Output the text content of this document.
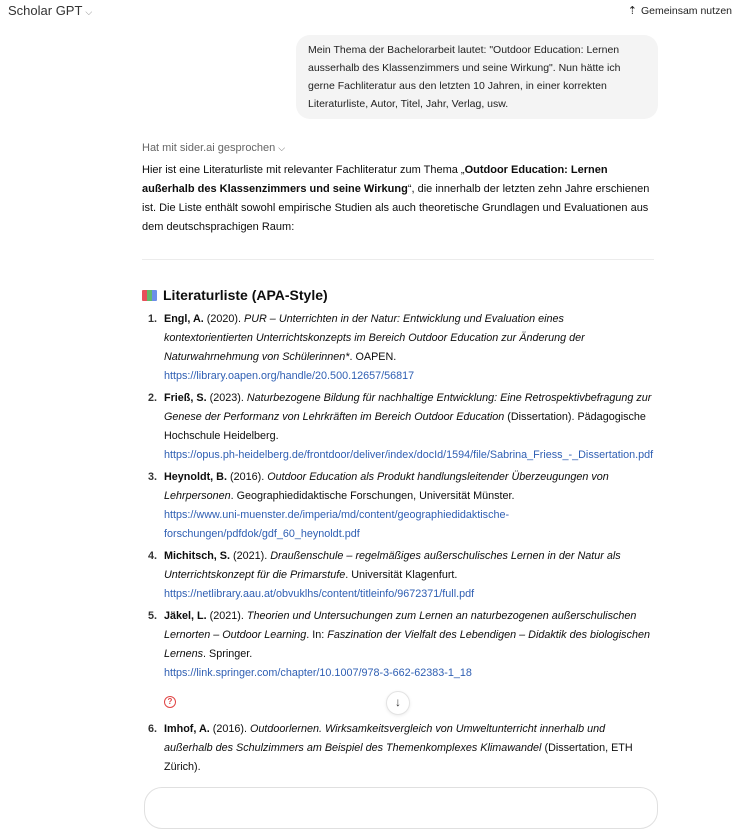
Scholar GPT ⌵	⇡ Gemeinsam nutzen
Mein Thema der Bachelorarbeit lautet: "Outdoor Education: Lernen ausserhalb des Klassenzimmers und seine Wirkung". Nun hätte ich gerne Fachliteratur aus den letzten 10 Jahren, in einer korrekten Literaturliste, Autor, Titel, Jahr, Verlag, usw.
Hat mit sider.ai gesprochen ⌵
Hier ist eine Literaturliste mit relevanter Fachliteratur zum Thema „Outdoor Education: Lernen außerhalb des Klassenzimmers und seine Wirkung“, die innerhalb der letzten zehn Jahre erschienen ist. Die Liste enthält sowohl empirische Studien als auch theoretische Grundlagen und Evaluationen aus dem deutschsprachigen Raum:
Literaturliste (APA-Style)
1. Engl, A. (2020). PUR – Unterrichten in der Natur: Entwicklung und Evaluation eines kontextorientierten Unterrichtskonzepts im Bereich Outdoor Education zur Änderung der Naturwahrnehmung von Schülerinnen*. OAPEN.
https://library.oapen.org/handle/20.500.12657/56817
2. Frieß, S. (2023). Naturbezogene Bildung für nachhaltige Entwicklung: Eine Retrospektivbefragung zur Genese der Performanz von Lehrkräften im Bereich Outdoor Education (Dissertation). Pädagogische Hochschule Heidelberg.
https://opus.ph-heidelberg.de/frontdoor/deliver/index/docId/1594/file/Sabrina_Friess_-_Dissertation.pdf
3. Heynoldt, B. (2016). Outdoor Education als Produkt handlungsleitender Überzeugungen von Lehrpersonen. Geographiedidaktische Forschungen, Universität Münster.
https://www.uni-muenster.de/imperia/md/content/geographiedidaktische-forschungen/pdfdok/gdf_60_heynoldt.pdf
4. Michitsch, S. (2021). Draußenschule – regelmäßiges außerschulisches Lernen in der Natur als Unterrichtskonzept für die Primarstufe. Universität Klagenfurt.
https://netlibrary.aau.at/obvuklhs/content/titleinfo/9672371/full.pdf
5. Jäkel, L. (2021). Theorien und Untersuchungen zum Lernen an naturbezogenen außerschulischen Lernorten – Outdoor Learning. In: Faszination der Vielfalt des Lebendigen – Didaktik des biologischen Lernens. Springer.
https://link.springer.com/chapter/10.1007/978-3-662-62383-1_18
?	↓
6. Imhof, A. (2016). Outdoorlernen. Wirksamkeitsvergleich von Umweltunterricht innerhalb und außerhalb des Schulzimmers am Beispiel des Themenkomplexes Klimawandel (Dissertation, ETH Zürich).
